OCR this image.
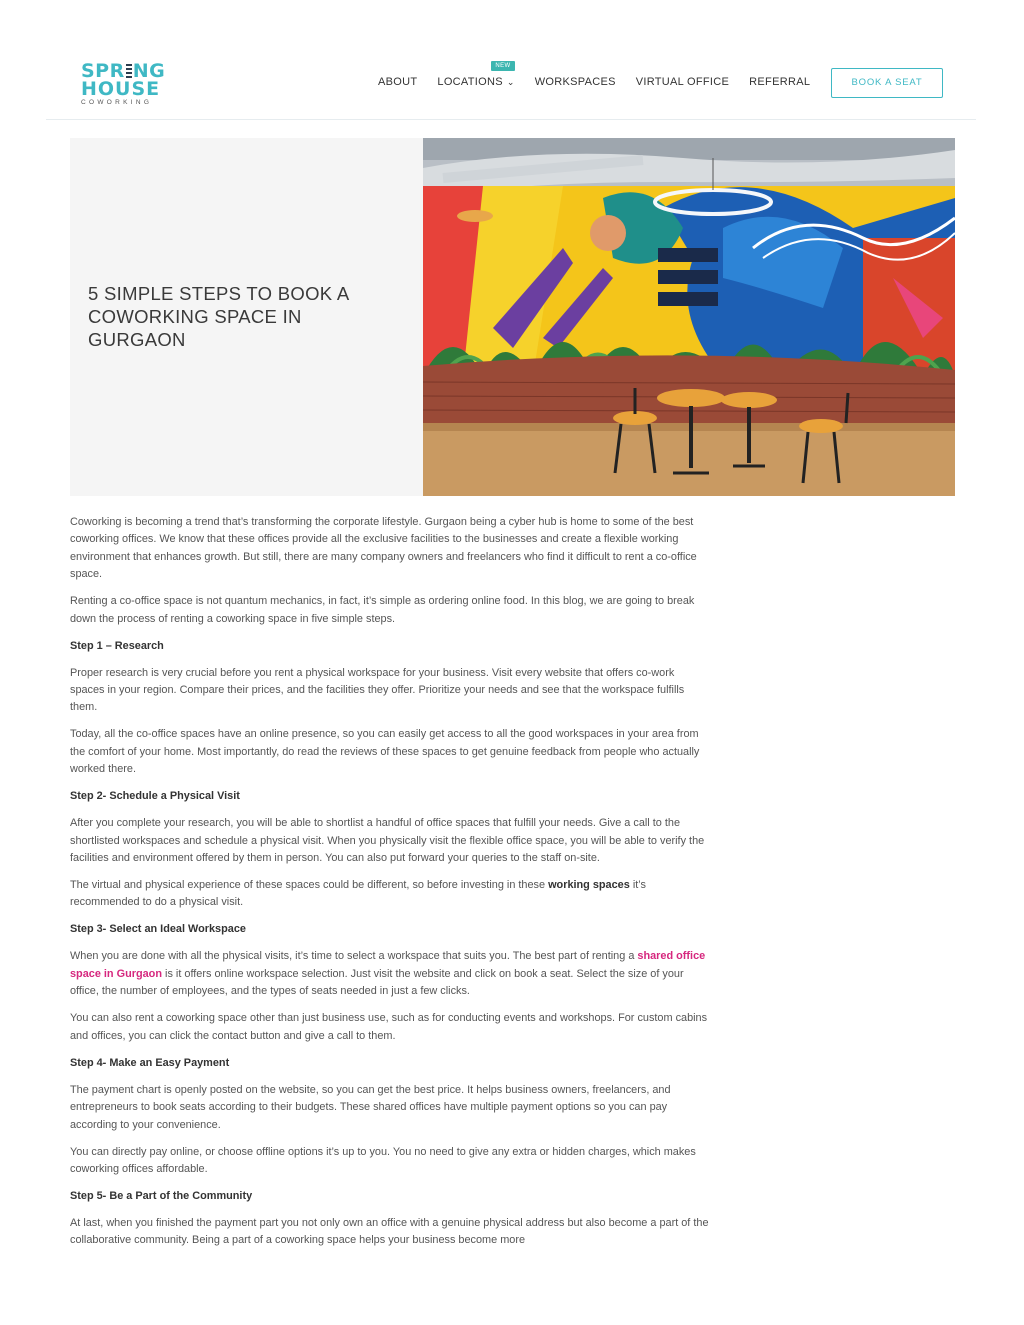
SPR NG
HOUSE
COWORKING
ABOUT
NEW
LOCATIONS ⌄ WORKSPACES VIRTUAL OFFICE REFERRAL	BOOK A SEAT
5 SIMPLE STEPS TO BOOK A COWORKING SPACE IN GURGAON

Coworking is becoming a trend that’s transforming the corporate lifestyle. Gurgaon being a cyber hub is home to some of the best coworking offices. We know that these offices provide all the exclusive facilities to the businesses and create a flexible working environment that enhances growth. But still, there are many company owners and freelancers who find it difficult to rent a co-office space.

Renting a co-office space is not quantum mechanics, in fact, it’s simple as ordering online food. In this blog, we are going to break down the process of renting a coworking space in five simple steps.

Step 1 – Research

Proper research is very crucial before you rent a physical workspace for your business. Visit every website that offers co-work spaces in your region. Compare their prices, and the facilities they offer. Prioritize your needs and see that the workspace fulfills them.

Today, all the co-office spaces have an online presence, so you can easily get access to all the good workspaces in your area from the comfort of your home. Most importantly, do read the reviews of these spaces to get genuine feedback from people who actually worked there.

Step 2- Schedule a Physical Visit

After you complete your research, you will be able to shortlist a handful of office spaces that fulfill your needs. Give a call to the shortlisted workspaces and schedule a physical visit. When you physically visit the flexible office space, you will be able to verify the facilities and environment offered by them in person. You can also put forward your queries to the staff on-site.

The virtual and physical experience of these spaces could be different, so before investing in these working spaces it’s recommended to do a physical visit.

Step 3- Select an Ideal Workspace

When you are done with all the physical visits, it’s time to select a workspace that suits you. The best part of renting a shared office space in Gurgaon is it offers online workspace selection. Just visit the website and click on book a seat. Select the size of your office, the number of employees, and the types of seats needed in just a few clicks.

You can also rent a coworking space other than just business use, such as for conducting events and workshops. For custom cabins and offices, you can click the contact button and give a call to them.

Step 4- Make an Easy Payment

The payment chart is openly posted on the website, so you can get the best price. It helps business owners, freelancers, and entrepreneurs to book seats according to their budgets. These shared offices have multiple payment options so you can pay according to your convenience.

You can directly pay online, or choose offline options it’s up to you. You no need to give any extra or hidden charges, which makes coworking offices affordable.

Step 5- Be a Part of the Community

At last, when you finished the payment part you not only own an office with a genuine physical address but also become a part of the collaborative community. Being a part of a coworking space helps your business become more
